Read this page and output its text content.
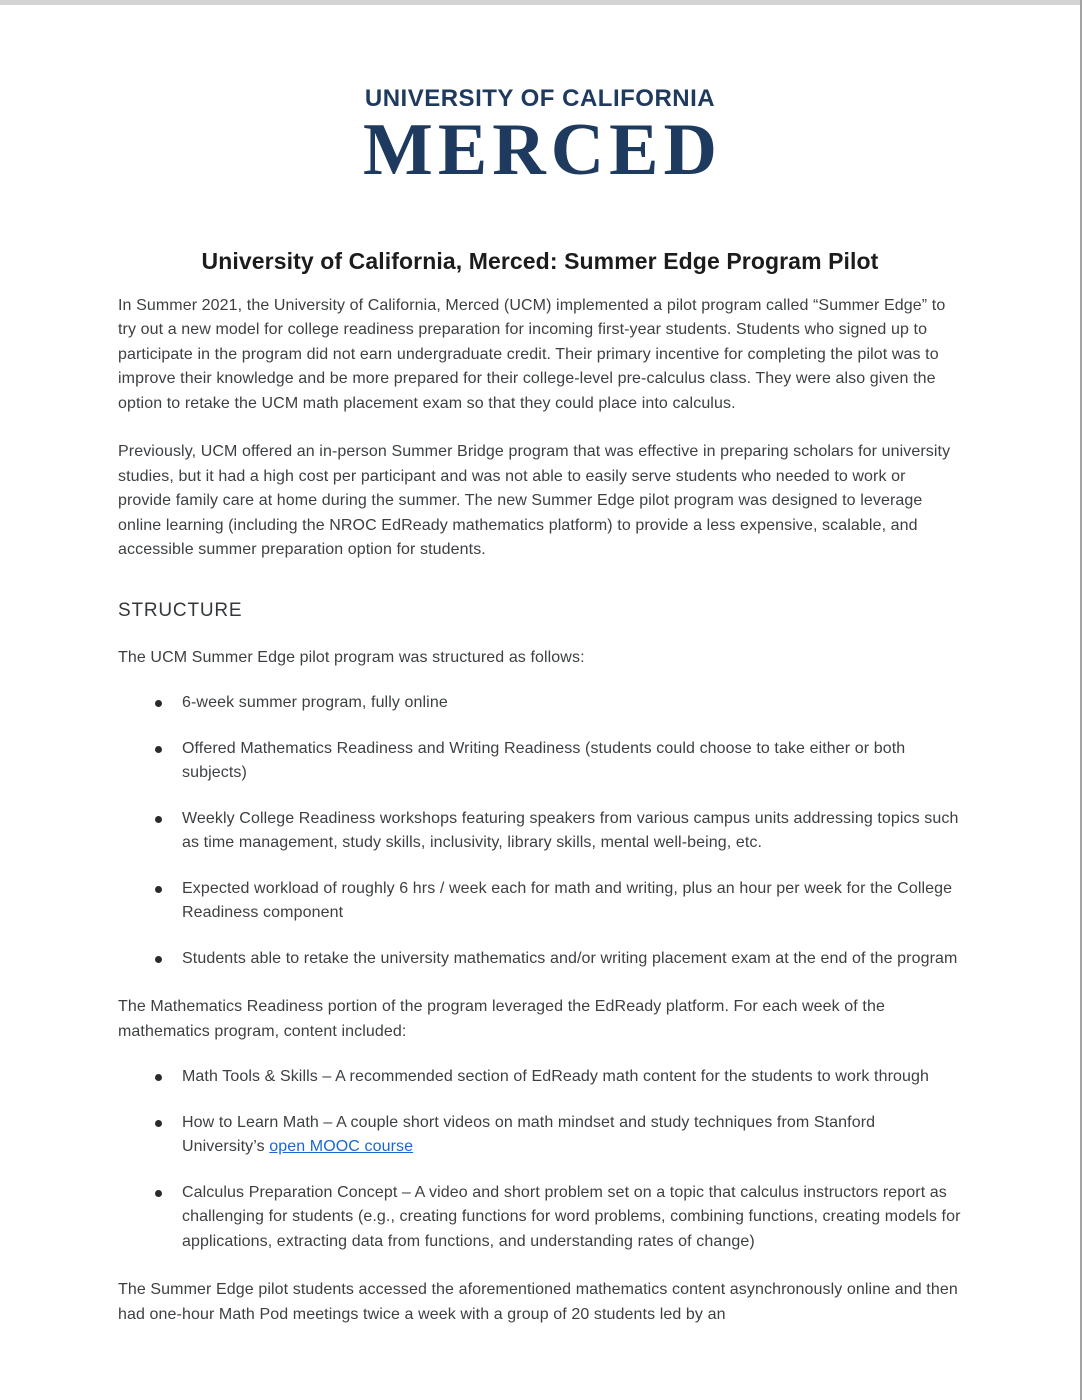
UNIVERSITY OF CALIFORNIA
MERCED
University of California, Merced: Summer Edge Program Pilot

In Summer 2021, the University of California, Merced (UCM) implemented a pilot program called “Summer Edge” to try out a new model for college readiness preparation for incoming first-year students. Students who signed up to participate in the program did not earn undergraduate credit. Their primary incentive for completing the pilot was to improve their knowledge and be more prepared for their college-level pre-calculus class. They were also given the option to retake the UCM math placement exam so that they could place into calculus.

Previously, UCM offered an in-person Summer Bridge program that was effective in preparing scholars for university studies, but it had a high cost per participant and was not able to easily serve students who needed to work or provide family care at home during the summer. The new Summer Edge pilot program was designed to leverage online learning (including the NROC EdReady mathematics platform) to provide a less expensive, scalable, and accessible summer preparation option for students.

STRUCTURE

The UCM Summer Edge pilot program was structured as follows:

6-week summer program, fully online
Offered Mathematics Readiness and Writing Readiness (students could choose to take either or both subjects)
Weekly College Readiness workshops featuring speakers from various campus units addressing topics such as time management, study skills, inclusivity, library skills, mental well-being, etc.
Expected workload of roughly 6 hrs / week each for math and writing, plus an hour per week for the College Readiness component
Students able to retake the university mathematics and/or writing placement exam at the end of the program

The Mathematics Readiness portion of the program leveraged the EdReady platform. For each week of the mathematics program, content included:

Math Tools & Skills – A recommended section of EdReady math content for the students to work through
How to Learn Math – A couple short videos on math mindset and study techniques from Stanford University’s open MOOC course
Calculus Preparation Concept – A video and short problem set on a topic that calculus instructors report as challenging for students (e.g., creating functions for word problems, combining functions, creating models for applications, extracting data from functions, and understanding rates of change)

The Summer Edge pilot students accessed the aforementioned mathematics content asynchronously online and then had one-hour Math Pod meetings twice a week with a group of 20 students led by an
